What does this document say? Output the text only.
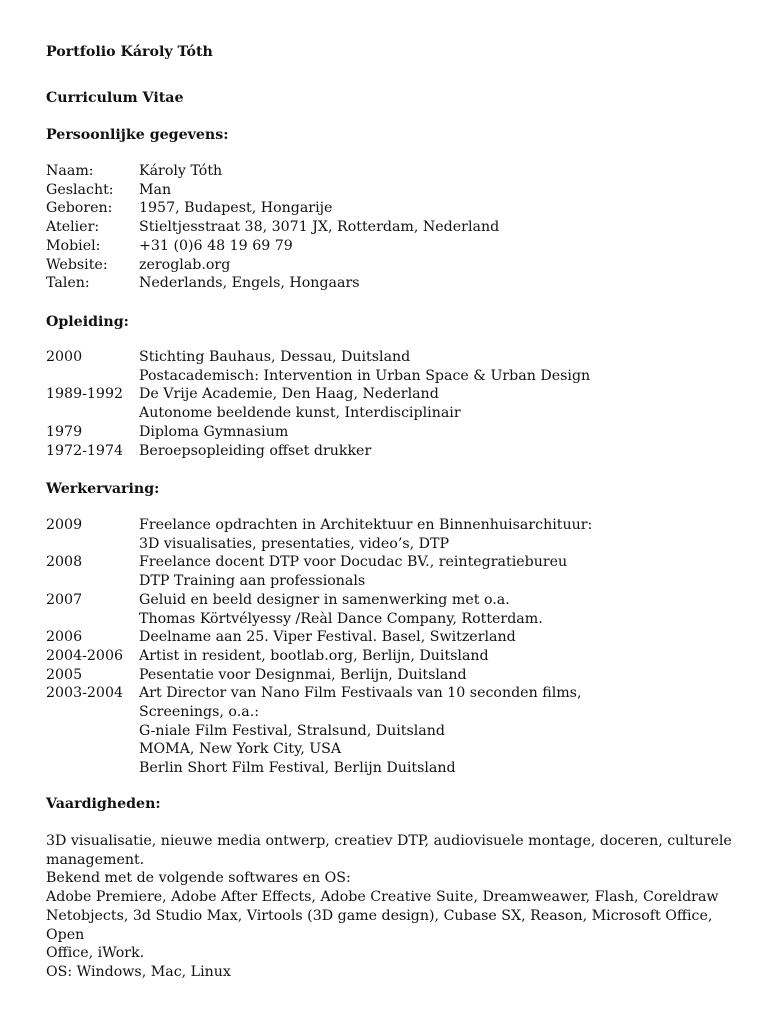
Portfolio Károly Tóth
Curriculum Vitae
Persoonlijke gegevens:
Naam:	Károly Tóth
Geslacht:	Man
Geboren:	1957, Budapest, Hongarije
Atelier:	Stieltjesstraat 38, 3071 JX, Rotterdam, Nederland
Mobiel:	+31 (0)6 48 19 69 79
Website:	zeroglab.org
Talen:	Nederlands, Engels, Hongaars
Opleiding:
2000	Stichting Bauhaus, Dessau, Duitsland
Postacademisch: Intervention in Urban Space & Urban Design
1989-1992	De Vrije Academie, Den Haag, Nederland
Autonome beeldende kunst, Interdisciplinair
1979	Diploma Gymnasium
1972-1974	Beroepsopleiding offset drukker
Werkervaring:
2009	Freelance opdrachten in Architektuur en Binnenhuisarchituur:
3D visualisaties, presentaties, video’s, DTP
2008	Freelance docent DTP voor Docudac BV., reintegratiebureu
DTP Training aan professionals
2007	Geluid en beeld designer in samenwerking met o.a.
Thomas Körtvélyessy /Reàl Dance Company, Rotterdam.
2006	Deelname aan 25. Viper Festival. Basel, Switzerland
2004-2006	Artist in resident, bootlab.org, Berlijn, Duitsland
2005	Pesentatie voor Designmai, Berlijn, Duitsland
2003-2004	Art Director van Nano Film Festivaals van 10 seconden films,
Screenings, o.a.:
G-niale Film Festival, Stralsund, Duitsland
MOMA, New York City, USA
Berlin Short Film Festival, Berlijn Duitsland
Vaardigheden:
3D visualisatie, nieuwe media ontwerp, creatiev DTP, audiovisuele montage, doceren, culturele
management.
Bekend met de volgende softwares en OS:
Adobe Premiere, Adobe After Effects, Adobe Creative Suite, Dreamweawer, Flash, Coreldraw
Netobjects, 3d Studio Max, Virtools (3D game design), Cubase SX, Reason, Microsoft Office, Open
Office, iWork.
OS: Windows, Mac, Linux
